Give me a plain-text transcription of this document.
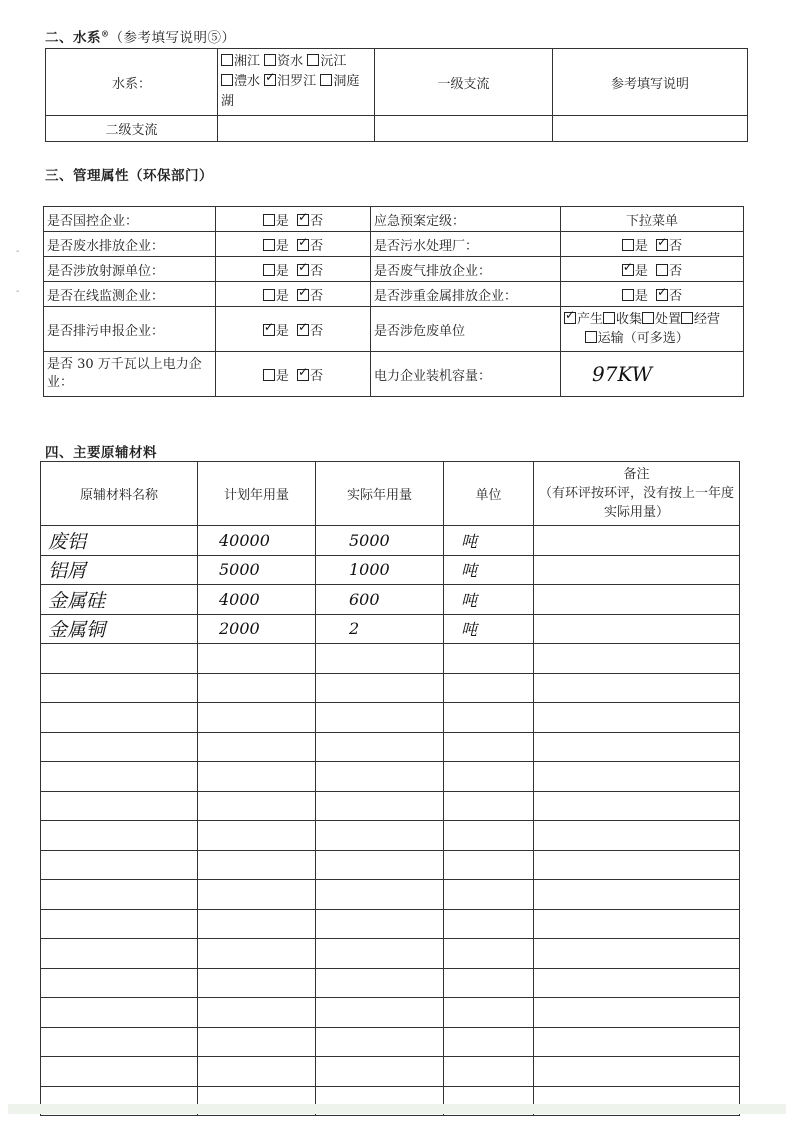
二、水系®（参考填写说明⑤）
水系：	湘江 资水 沅江
澧水 ✓ 汨罗江 洞庭湖	一级支流	参考填写说明
二级支流			
三、管理属性（环保部门）
是否国控企业：	是 ✓ 否	应急预案定级：	下拉菜单
是否废水排放企业：	是 ✓ 否	是否污水处理厂：	是 ✓ 否
是否涉放射源单位：	是 ✓ 否	是否废气排放企业：	✓是 否
是否在线监测企业：	是 ✓ 否	是否涉重金属排放企业：	是 ✓ 否
是否排污申报企业：	✓是 ✓ 否	是否涉危废单位	✓产生 收集 处置 经营
运输（可多选）
是否 30 万千瓦以上电力企业：	是 ✓ 否	电力企业装机容量：	97KW
四、主要原辅材料
原辅材料名称	计划年用量	实际年用量	单位	备注
（有环评按环评，没有按上一年度实际用量）

废铝	40000	5000	吨	
铝屑	5000	1000	吨	
金属硅	4000	600	吨	
金属铜	2000	2	吨	

-
-
